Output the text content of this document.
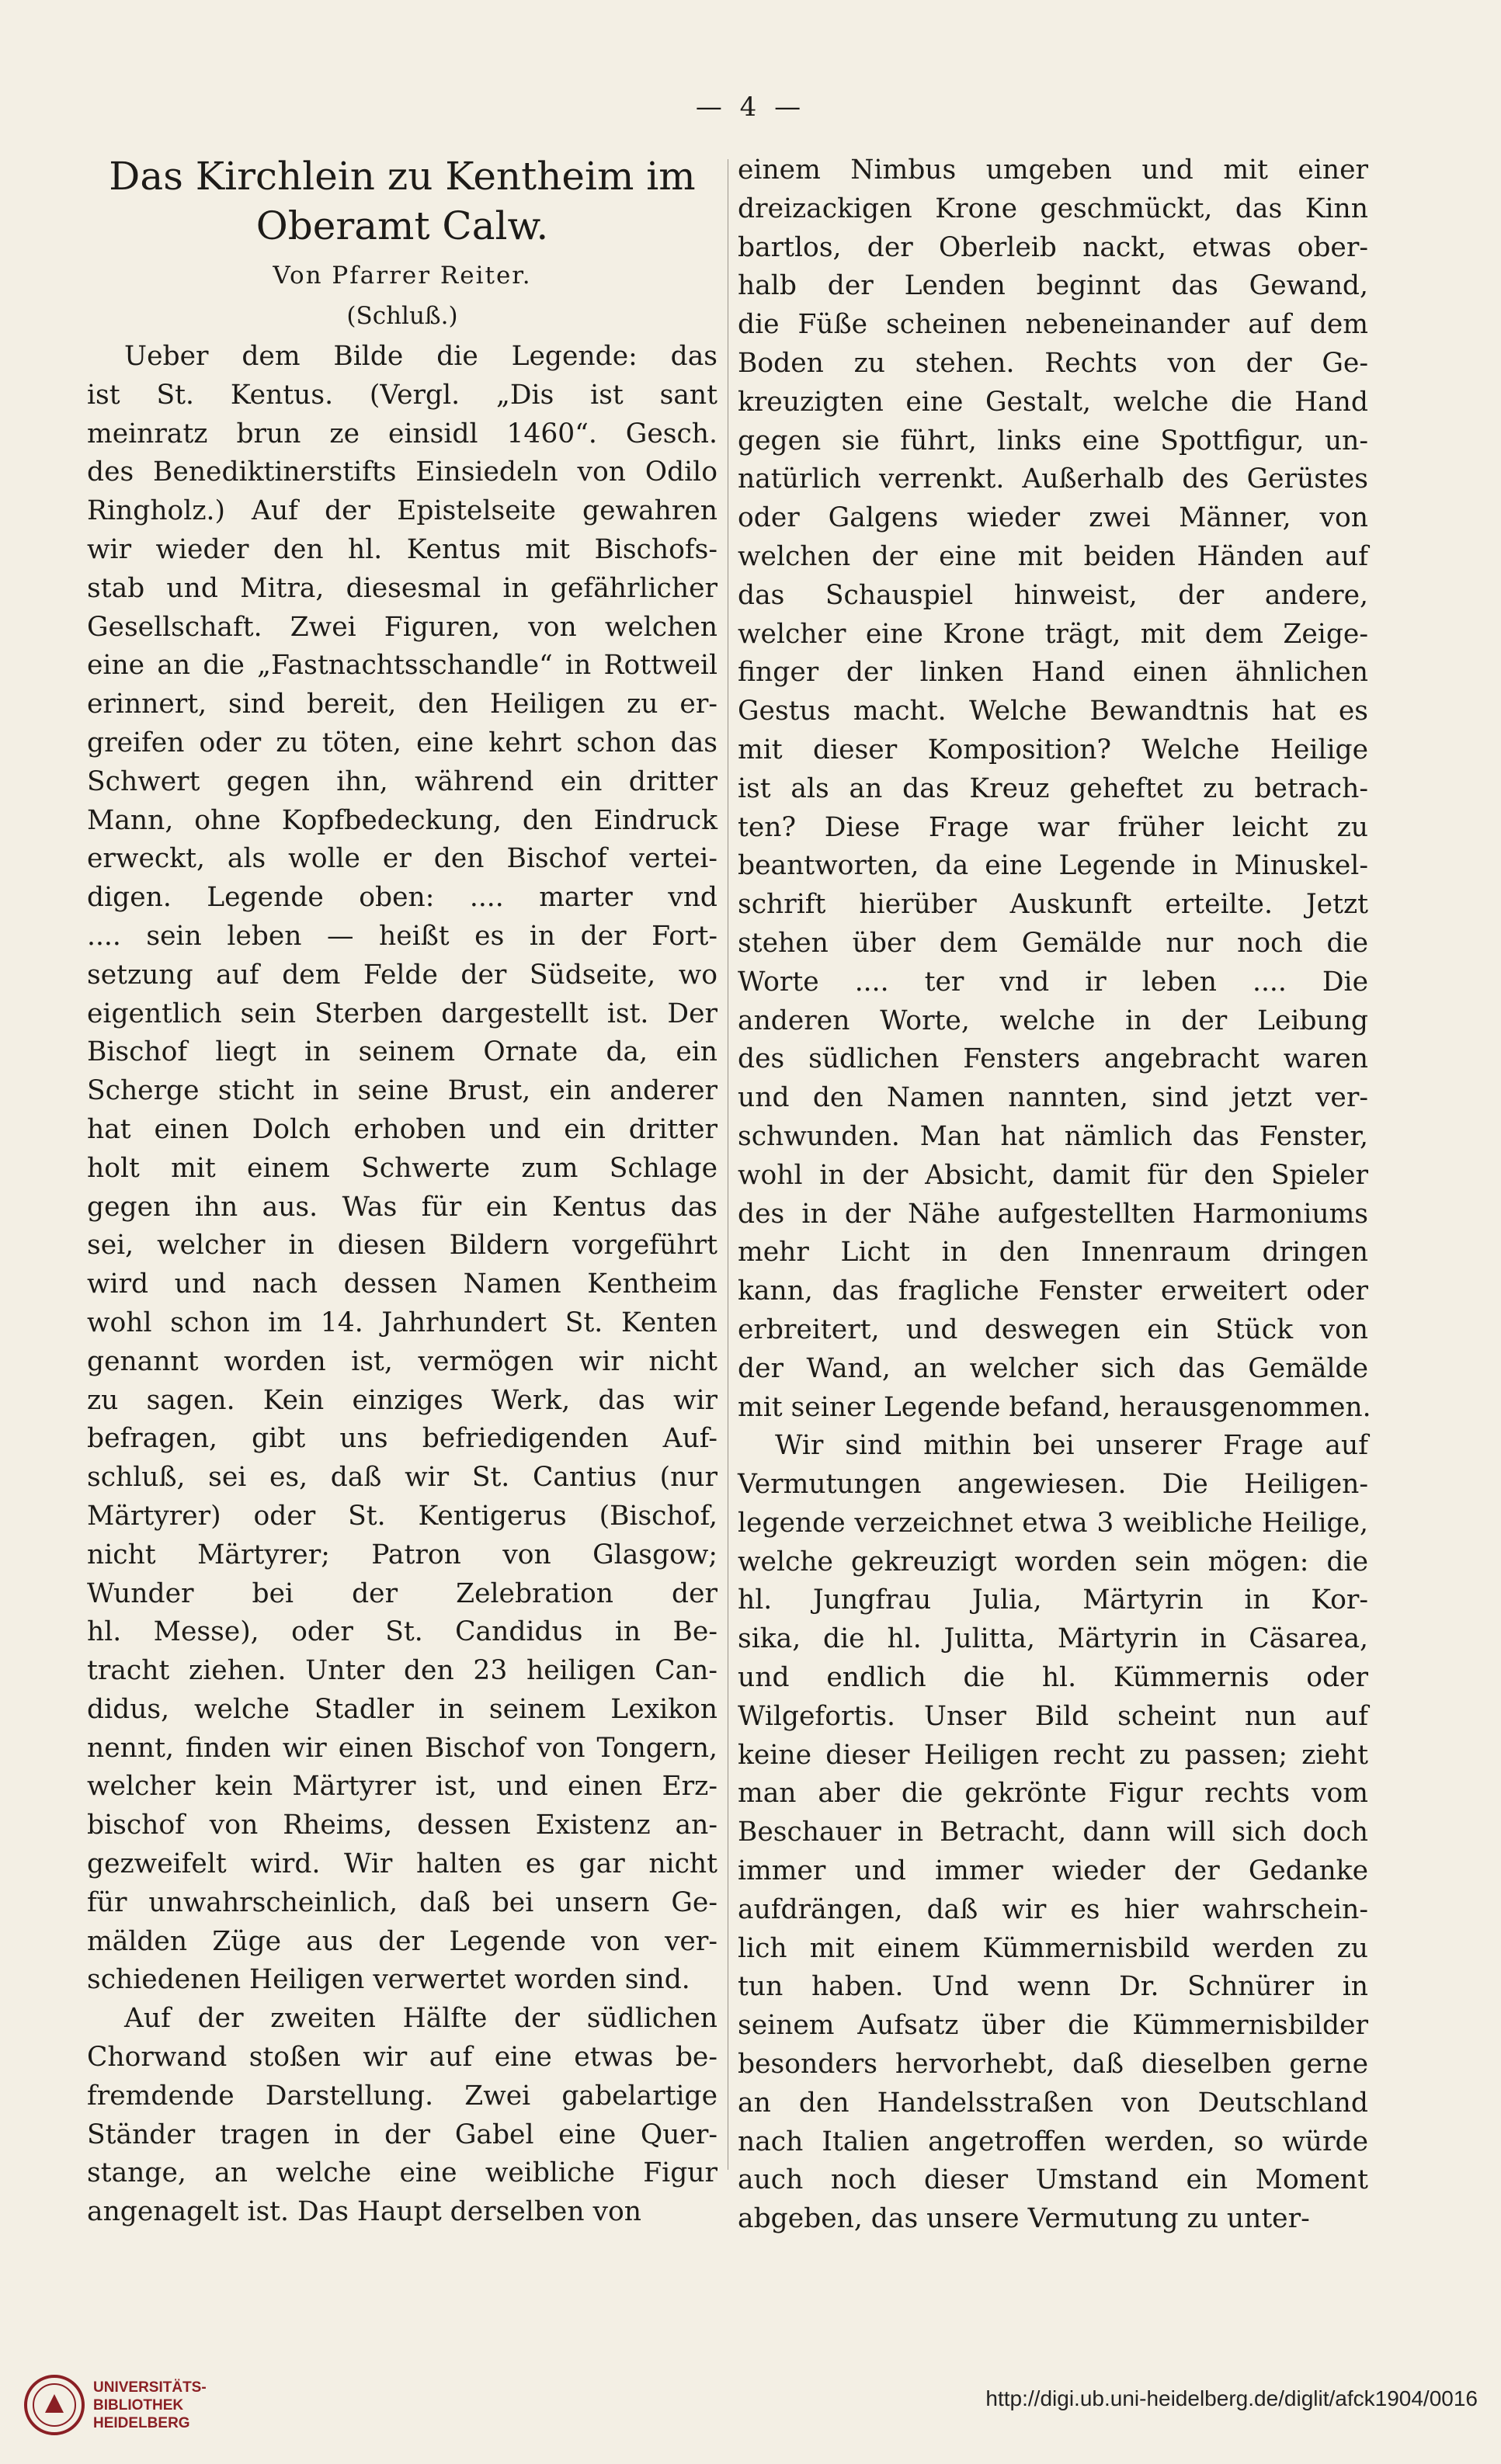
— 4 —
Das Kirchlein zu Kentheim im
Oberamt Calw.

Von Pfarrer Reiter.

(Schluß.)

Ueber dem Bilde die Legende: das
ist St. Kentus. (Vergl. „Dis ist sant
meinratz brun ze einsidl 1460“. Gesch.
des Benediktinerstifts Einsiedeln von Odilo
Ringholz.) Auf der Epistelseite gewahren
wir wieder den hl. Kentus mit Bischofs-
stab und Mitra, diesesmal in gefährlicher
Gesellschaft. Zwei Figuren, von welchen
eine an die „Fastnachtsschandle“ in Rottweil
erinnert, sind bereit, den Heiligen zu er-
greifen oder zu töten, eine kehrt schon das
Schwert gegen ihn, während ein dritter
Mann, ohne Kopfbedeckung, den Eindruck
erweckt, als wolle er den Bischof vertei-
digen. Legende oben: .... marter vnd
.... sein leben — heißt es in der Fort-
setzung auf dem Felde der Südseite, wo
eigentlich sein Sterben dargestellt ist. Der
Bischof liegt in seinem Ornate da, ein
Scherge sticht in seine Brust, ein anderer
hat einen Dolch erhoben und ein dritter
holt mit einem Schwerte zum Schlage
gegen ihn aus. Was für ein Kentus das
sei, welcher in diesen Bildern vorgeführt
wird und nach dessen Namen Kentheim
wohl schon im 14. Jahrhundert St. Kenten
genannt worden ist, vermögen wir nicht
zu sagen. Kein einziges Werk, das wir
befragen, gibt uns befriedigenden Auf-
schluß, sei es, daß wir St. Cantius (nur
Märtyrer) oder St. Kentigerus (Bischof,
nicht Märtyrer; Patron von Glasgow;
Wunder bei der Zelebration der
hl. Messe), oder St. Candidus in Be-
tracht ziehen. Unter den 23 heiligen Can-
didus, welche Stadler in seinem Lexikon
nennt, finden wir einen Bischof von Tongern,
welcher kein Märtyrer ist, und einen Erz-
bischof von Rheims, dessen Existenz an-
gezweifelt wird. Wir halten es gar nicht
für unwahrscheinlich, daß bei unsern Ge-
mälden Züge aus der Legende von ver-
schiedenen Heiligen verwertet worden sind.

Auf der zweiten Hälfte der südlichen
Chorwand stoßen wir auf eine etwas be-
fremdende Darstellung. Zwei gabelartige
Ständer tragen in der Gabel eine Quer-
stange, an welche eine weibliche Figur
angenagelt ist. Das Haupt derselben von

einem Nimbus umgeben und mit einer
dreizackigen Krone geschmückt, das Kinn
bartlos, der Oberleib nackt, etwas ober-
halb der Lenden beginnt das Gewand,
die Füße scheinen nebeneinander auf dem
Boden zu stehen. Rechts von der Ge-
kreuzigten eine Gestalt, welche die Hand
gegen sie führt, links eine Spottfigur, un-
natürlich verrenkt. Außerhalb des Gerüstes
oder Galgens wieder zwei Männer, von
welchen der eine mit beiden Händen auf
das Schauspiel hinweist, der andere,
welcher eine Krone trägt, mit dem Zeige-
finger der linken Hand einen ähnlichen
Gestus macht. Welche Bewandtnis hat es
mit dieser Komposition? Welche Heilige
ist als an das Kreuz geheftet zu betrach-
ten? Diese Frage war früher leicht zu
beantworten, da eine Legende in Minuskel-
schrift hierüber Auskunft erteilte. Jetzt
stehen über dem Gemälde nur noch die
Worte .... ter vnd ir leben .... Die
anderen Worte, welche in der Leibung
des südlichen Fensters angebracht waren
und den Namen nannten, sind jetzt ver-
schwunden. Man hat nämlich das Fenster,
wohl in der Absicht, damit für den Spieler
des in der Nähe aufgestellten Harmoniums
mehr Licht in den Innenraum dringen
kann, das fragliche Fenster erweitert oder
erbreitert, und deswegen ein Stück von
der Wand, an welcher sich das Gemälde
mit seiner Legende befand, herausgenommen.

Wir sind mithin bei unserer Frage auf
Vermutungen angewiesen. Die Heiligen-
legende verzeichnet etwa 3 weibliche Heilige,
welche gekreuzigt worden sein mögen: die
hl. Jungfrau Julia, Märtyrin in Kor-
sika, die hl. Julitta, Märtyrin in Cäsarea,
und endlich die hl. Kümmernis oder
Wilgefortis. Unser Bild scheint nun auf
keine dieser Heiligen recht zu passen; zieht
man aber die gekrönte Figur rechts vom
Beschauer in Betracht, dann will sich doch
immer und immer wieder der Gedanke
aufdrängen, daß wir es hier wahrschein-
lich mit einem Kümmernisbild werden zu
tun haben. Und wenn Dr. Schnürer in
seinem Aufsatz über die Kümmernisbilder
besonders hervorhebt, daß dieselben gerne
an den Handelsstraßen von Deutschland
nach Italien angetroffen werden, so würde
auch noch dieser Umstand ein Moment
abgeben, das unsere Vermutung zu unter-

UNIVERSITÄTS-
BIBLIOTHEK
HEIDELBERG
http://digi.ub.uni-heidelberg.de/diglit/afck1904/0016
